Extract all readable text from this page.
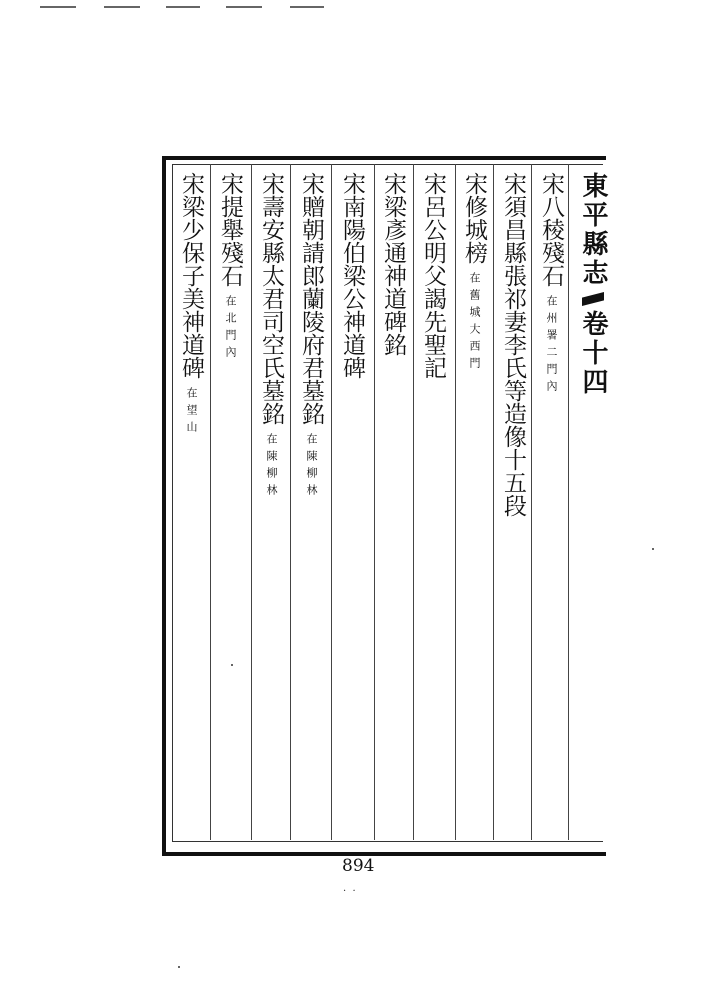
東平縣志卷十四
宋八稜殘石在州署二門內
宋須昌縣張祁妻李氏等造像十五段
宋修城榜在舊城大西門
宋呂公明父謁先聖記
宋梁彥通神道碑銘
宋南陽伯梁公神道碑
宋贈朝請郎蘭陵府君墓銘在陳柳林
宋壽安縣太君司空氏墓銘在陳柳林
宋提舉殘石在北門內
宋梁少保子美神道碑在望山
894
·  ·
